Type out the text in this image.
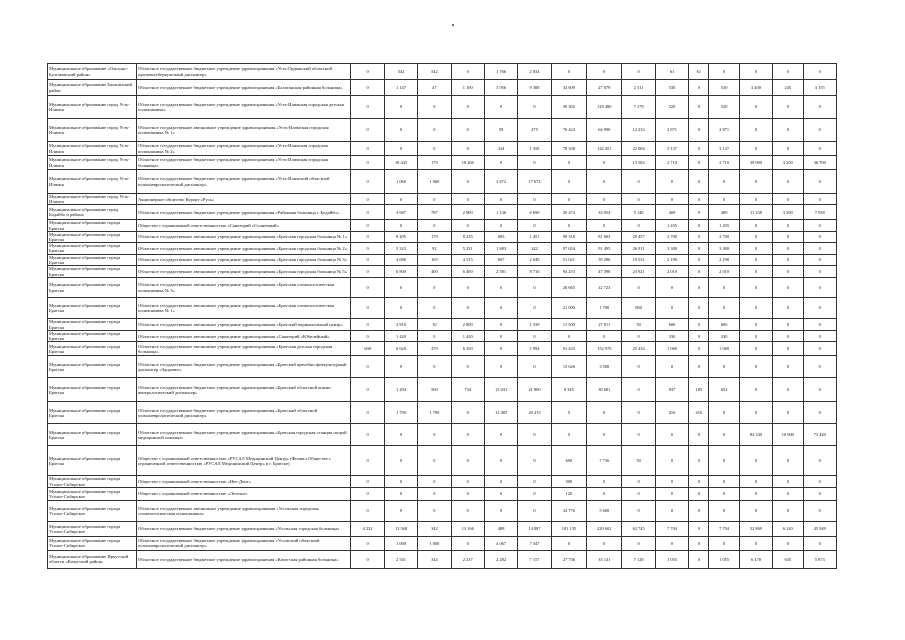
Муниципальное образование «Ольхоно-Булгаковский район»	Областное государственное бюджетное учреждение здравоохранения «Усть-Ордынский областной противотуберкулезный диспансер»	0	542	542	0	1 766	2 834	0	0	0	61	61	0	0	0	0
Муниципальное образование Балаганский район	Областное государственное бюджетное учреждение здравоохранения «Балаганская районная больница»	0	1 147	47	1 100	3 956	9 388	34 609	27 679	2 511	530	0	530	3 400	245	3 155
Муниципальное образование город Усть-Илимск	Областное государственное бюджетное учреждение здравоохранения «Усть-Илимская городская детская поликлиника»	0	0	0	0	0	0	39 302	129 480	7 179	520	0	520	0	0	0
Муниципальное образование город Усть-Илимск	Областное государственное автономное учреждение здравоохранения «Усть-Илимская городская поликлиника № 1»	0	0	0	0	58	475	76 424	64 990	12 233	2 871	0	2 871	0	0	0
Муниципальное образование город Усть-Илимск	Областное государственное бюджетное учреждение здравоохранения «Усть-Илимская городская поликлиника № 2»	0	0	0	0	334	1 358	78 338	142 451	22 004	3 137	0	3 137	0	0	0
Муниципальное образование город Усть-Илимск	Областное государственное бюджетное учреждение здравоохранения «Усть-Илимская городская больница»	0	18 445	179	18 266	0	0	0	0	13 582	2 710	0	2 710	39 900	3 200	36 700
Муниципальное образование город Усть-Илимск	Областное государственное бюджетное учреждение здравоохранения «Усть-Илимский областной психоневрологический диспансер»	0	1 060	1 060	0	3 672	17 674	0	0	0	0	0	0	0	0	0
Муниципальное образование город Усть-Илимск	Акционерное общество Курорт «Русь»	0	0	0	0	0	0	0	0	0	0	0	0	0	0	0
Муниципальное образование город Бодайбо и района	Областное государственное бюджетное учреждение здравоохранения «Районная больница г. Бодайбо»	0	3 687	787	2 900	1 136	6 690	20 474	33 054	5 146	409	9	400	11 238	3 300	7 938
Муниципальное образование города Братска	Общество с ограниченной ответственностью «Санаторий «Солнечный»	0	0	0	0	0	0	0	0	0	1 455	0	1 455	0	0	0
Муниципальное образование города Братска	Областное государственное автономное учреждение здравоохранения «Братская городская больница № 1»	0	8 405	170	8 235	683	1 451	99 318	81 683	29 457	2 700	0	2 700	0	0	0
Муниципальное образование города Братска	Областное государственное автономное учреждение здравоохранения «Братская городская больница № 2»	0	5 323	92	5 231	1 683	242	97 654	91 495	26 911	3 300	0	3 300	0	0	0
Муниципальное образование города Братска	Областное государственное автономное учреждение здравоохранения «Братская городская больница № 3»	0	4 680	165	4 515	607	2 649	51 021	59 286	19 531	2 190	0	2 190	0	0	0
Муниципальное образование города Братска	Областное государственное автономное учреждение здравоохранения «Братская городская больница № 5»	0	6 800	400	6 400	2 581	8 716	94 253	47 390	23 921	2 010	0	2 010	0	0	0
Муниципальное образование города Братска	Областное государственное автономное учреждение здравоохранения «Братская стоматологическая поликлиника № 3»	0	0	0	0	0	0	26 665	12 723	0	0	0	0	0	0	0
Муниципальное образование города Братска	Областное государственное автономное учреждение здравоохранения «Братская стоматологическая поликлиника № 1»	0	0	0	0	0	0	21 000	1 700	800	0	0	0	0	0	0
Муниципальное образование города Братска	Областное государственное автономное учреждение здравоохранения «Братский перинатальный центр»	0	2 810	10	2 800	0	1 539	11 500	27 811	50	606	0	606	0	0	0
Муниципальное образование города Братска	Областное государственное автономное учреждение здравоохранения «Санаторий «Юбилейный»	0	1 420	0	1 420	0	0	0	0	0	330	0	330	0	0	0
Муниципальное образование города Братска	Областное государственное автономное учреждение здравоохранения «Братская детская городская больница»	600	6 620	270	6 350	0	1 994	61 433	152 970	25 434	1 060	0	1 060	0	0	0
Муниципальное образование города Братска	Областное государственное бюджетное учреждение здравоохранения «Братский врачебно-физкультурный диспансер «Здоровье»	0	0	0	0	0	0	15 626	3 500	0	0	0	0	0	0	0
Муниципальное образование города Братска	Областное государственное бюджетное учреждение здравоохранения «Братский областной кожно-венерологический диспансер»	0	1 294	560	734	13 041	21 800	8 345	38 681	0	837	185	652	0	0	0
Муниципальное образование города Братска	Областное государственное бюджетное учреждение здравоохранения «Братский областной психоневрологический диспансер»	0	1 790	1 790	0	12 085	20 415	0	0	0	416	416	0	0	0	0
Муниципальное образование города Братска	Областное государственное бюджетное учреждение здравоохранения «Братская городская станция скорой медицинской помощи»	0	0	0	0	0	0	0	0	0	0	0	0	84 340	10 900	73 440
Муниципальное образование города Братска	Общество с ограниченной ответственностью «РУСАЛ Медицинский Центр» (Филиал Общества с ограниченной ответственностью «РУСАЛ Медицинский Центр» в г. Братске)	0	0	0	0	0	0	600	7 736	50	0	0	0	0	0	0
Муниципальное образование города Усолье-Сибирское	Общество с ограниченной ответственностью «Нео-Дент»	0	0	0	0	0	0	500	0	0	0	0	0	0	0	0
Муниципальное образование города Усолье-Сибирское	Общество с ограниченной ответственностью «Летелье»	0	0	0	0	0	0	120	0	0	0	0	0	0	0	0
Муниципальное образование города Усолье-Сибирское	Областное государственное автономное учреждение здравоохранения «Усольская городская стоматологическая поликлиника»	0	0	0	0	0	0	34 776	5 600	0	0	0	0	0	0	0
Муниципальное образование города Усолье-Сибирское	Областное государственное бюджетное учреждение здравоохранения «Усольская городская больница»	4 232	13 568	342	13 166	488	14 887	181 135	229 602	62 745	7 704	0	7 704	52 869	6 120	45 949
Муниципальное образование города Усолье-Сибирское	Областное государственное бюджетное учреждение здравоохранения «Усольский областной психоневрологический диспансер»	0	1 000	1 000	0	4 067	7 347	0	0	0	0	0	0	0	0	0
Муниципальное образование Иркутской области «Качугский район»	Областное государственное бюджетное учреждение здравоохранения «Качугская районная больница»	0	2 541	344	2 237	2 282	7 157	27 736	33 141	7 128	1 055	0	1 055	6 478	635	5 873
